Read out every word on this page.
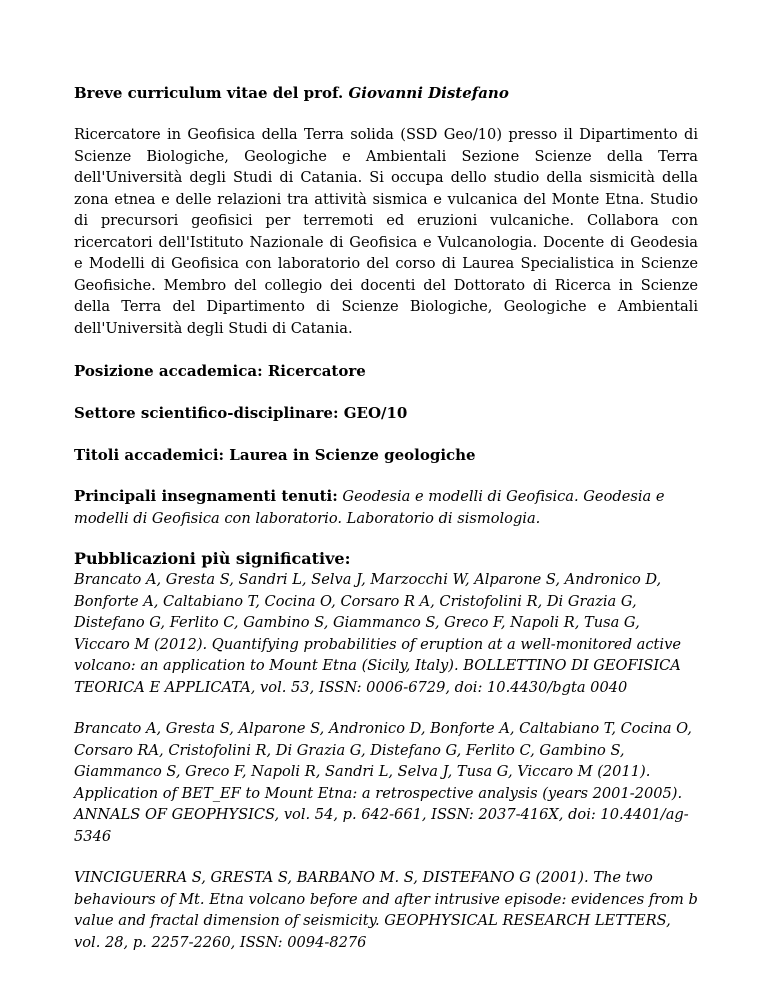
Breve curriculum vitae del prof. Giovanni Distefano

Ricercatore in Geofisica della Terra solida (SSD Geo/10) presso il Dipartimento di Scienze Biologiche, Geologiche e Ambientali Sezione Scienze della Terra dell'Università degli Studi di Catania. Si occupa dello studio della sismicità della zona etnea e delle relazioni tra attività sismica e vulcanica del Monte Etna. Studio di precursori geofisici per terremoti ed eruzioni vulcaniche. Collabora con ricercatori dell'Istituto Nazionale di Geofisica e Vulcanologia. Docente di Geodesia e Modelli di Geofisica con laboratorio del corso di Laurea Specialistica in Scienze Geofisiche. Membro del collegio dei docenti del Dottorato di Ricerca in Scienze della Terra del Dipartimento di Scienze Biologiche, Geologiche e Ambientali dell'Università degli Studi di Catania.

Posizione accademica: Ricercatore

Settore scientifico-disciplinare: GEO/10

Titoli accademici: Laurea in Scienze geologiche

Principali insegnamenti tenuti: Geodesia e modelli di Geofisica. Geodesia e modelli di Geofisica con laboratorio. Laboratorio di sismologia.

Pubblicazioni più significative:

Brancato A, Gresta S, Sandri L, Selva J, Marzocchi W, Alparone S, Andronico D, Bonforte A, Caltabiano T, Cocina O, Corsaro R A, Cristofolini R, Di Grazia G, Distefano G, Ferlito C, Gambino S, Giammanco S, Greco F, Napoli R, Tusa G, Viccaro M (2012). Quantifying probabilities of eruption at a well-monitored active volcano: an application to Mount Etna (Sicily, Italy). BOLLETTINO DI GEOFISICA TEORICA E APPLICATA, vol. 53, ISSN: 0006-6729, doi: 10.4430/bgta 0040

Brancato A, Gresta S, Alparone S, Andronico D, Bonforte A, Caltabiano T, Cocina O, Corsaro RA, Cristofolini R, Di Grazia G, Distefano G, Ferlito C, Gambino S, Giammanco S, Greco F, Napoli R, Sandri L, Selva J, Tusa G, Viccaro M (2011). Application of BET_EF to Mount Etna: a retrospective analysis (years 2001-2005). ANNALS OF GEOPHYSICS, vol. 54, p. 642-661, ISSN: 2037-416X, doi: 10.4401/ag-5346

VINCIGUERRA S, GRESTA S, BARBANO M. S, DISTEFANO G (2001). The two behaviours of Mt. Etna volcano before and after intrusive episode: evidences from b value and fractal dimension of seismicity. GEOPHYSICAL RESEARCH LETTERS, vol. 28, p. 2257-2260, ISSN: 0094-8276
